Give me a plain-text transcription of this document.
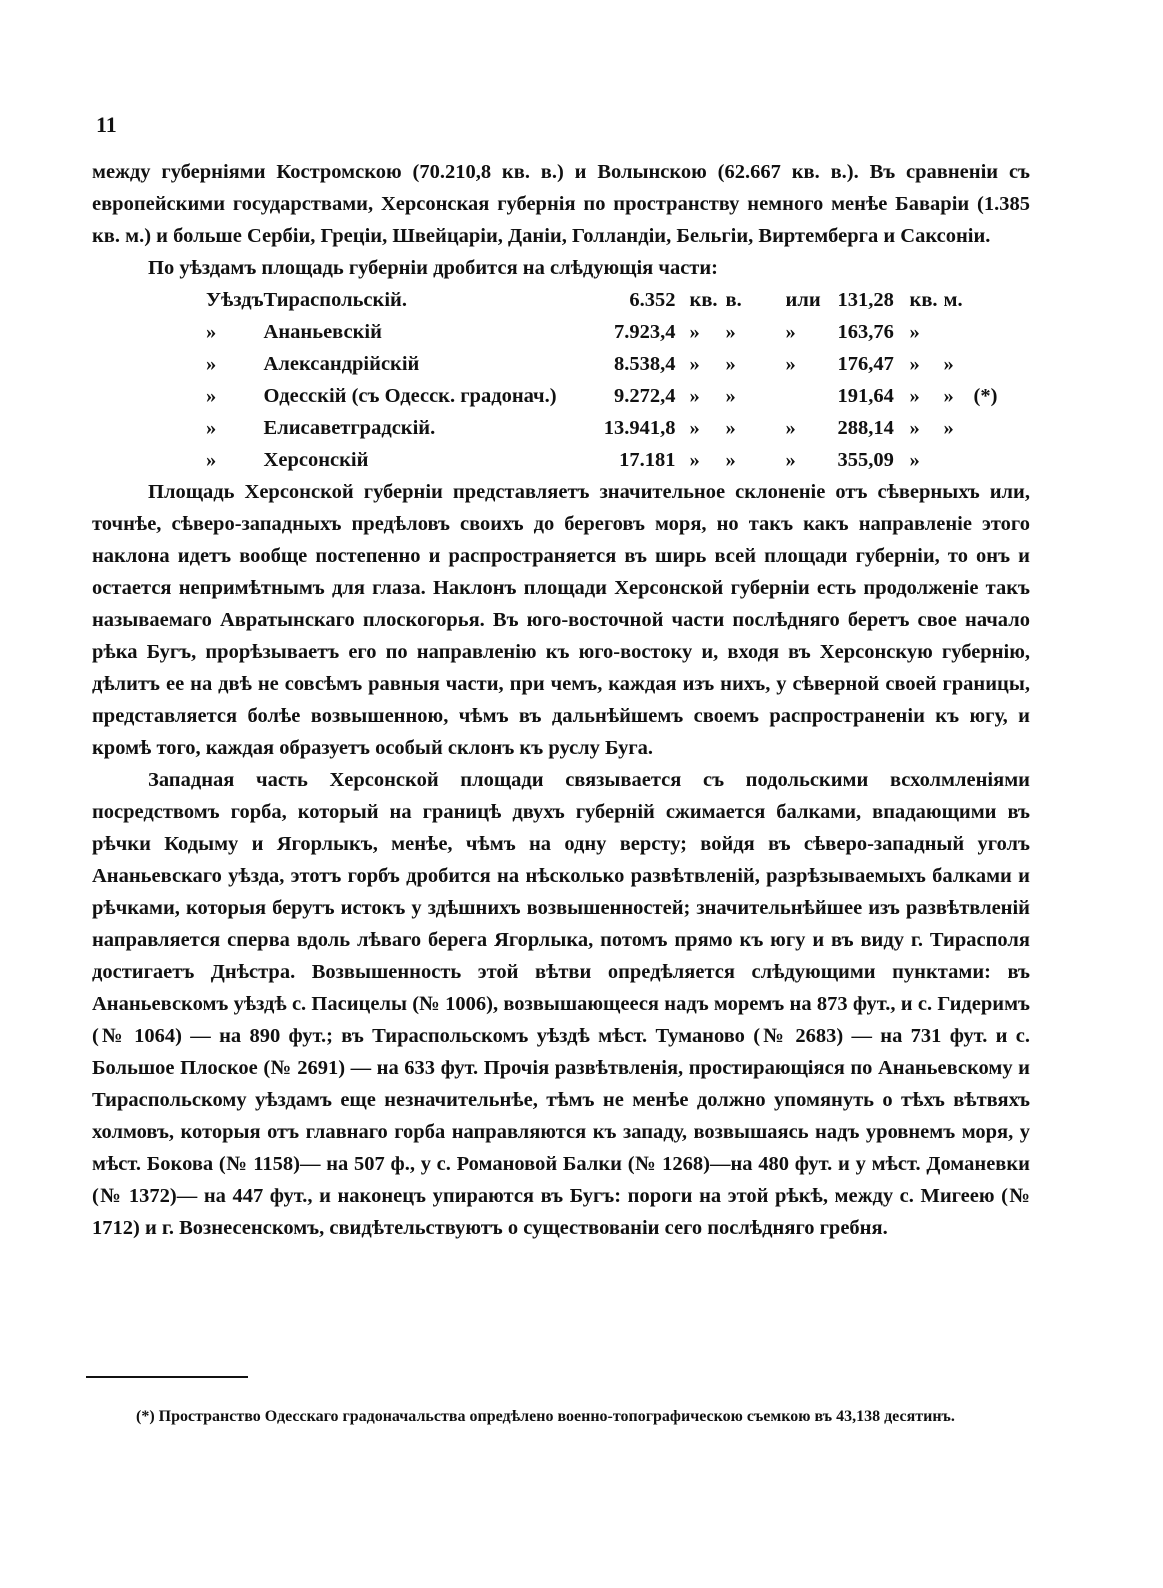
11

между губерніями Костромскою (70.210,8 кв. в.) и Волынскою (62.667 кв. в.). Въ сравненіи съ европейскими государствами, Херсонская губернія по пространству немного менѣе Баваріи (1.385 кв. м.) и больше Сербіи, Греціи, Швейцаріи, Даніи, Голландіи, Бельгіи, Виртемберга и Саксоніи.

По уѣздамъ площадь губерніи дробится на слѣдующія части:

Уѣздъ	Тираспольскій.	6.352	кв.	в.	или	131,28	кв.	м.	
»	Ананьевскій	7.923,4	»	»	»	163,76	»		
»	Александрійскій	8.538,4	»	»	»	176,47	»	»	
»	Одесскій (съ Одесск. градонач.)	9.272,4	»	»		191,64	»	»	(*)
»	Елисаветградскій.	13.941,8	»	»	»	288,14	»	»	
»	Херсонскій	17.181	»	»	»	355,09	»		

Площадь Херсонской губерніи представляетъ значительное склоненіе отъ сѣверныхъ или, точнѣе, сѣверо-западныхъ предѣловъ своихъ до береговъ моря, но такъ какъ направленіе этого наклона идетъ вообще постепенно и распространяется въ ширь всей площади губерніи, то онъ и остается непримѣтнымъ для глаза. Наклонъ площади Херсонской губерніи есть продолженіе такъ называемаго Авратынскаго плоскогорья. Въ юго-восточной части послѣдняго беретъ свое начало рѣка Бугъ, прорѣзываетъ его по направленію къ юго-востоку и, входя въ Херсонскую губернію, дѣлитъ ее на двѣ не совсѣмъ равныя части, при чемъ, каждая изъ нихъ, у сѣверной своей границы, представляется болѣе возвышенною, чѣмъ въ дальнѣйшемъ своемъ распространеніи къ югу, и кромѣ того, каждая образуетъ особый склонъ къ руслу Буга.

Западная часть Херсонской площади связывается съ подольскими всхолмленіями посредствомъ горба, который на границѣ двухъ губерній сжимается балками, впадающими въ рѣчки Кодыму и Ягорлыкъ, менѣе, чѣмъ на одну версту; войдя въ сѣверо-западный уголъ Ананьевскаго уѣзда, этотъ горбъ дробится на нѣсколько развѣтвленій, разрѣзываемыхъ балками и рѣчками, которыя берутъ истокъ у здѣшнихъ возвышенностей; значительнѣйшее изъ развѣтвленій направляется сперва вдоль лѣваго берега Ягорлыка, потомъ прямо къ югу и въ виду г. Тирасполя достигаетъ Днѣстра. Возвышенность этой вѣтви опредѣляется слѣдующими пунктами: въ Ананьевскомъ уѣздѣ с. Пасицелы (№ 1006), возвышающееся надъ моремъ на 873 фут., и с. Гидеримъ (№ 1064) — на 890 фут.; въ Тираспольскомъ уѣздѣ мѣст. Туманово (№ 2683) — на 731 фут. и с. Большое Плоское (№ 2691) — на 633 фут. Прочія развѣтвленія, простирающіяся по Ананьевскому и Тираспольскому уѣздамъ еще незначительнѣе, тѣмъ не менѣе должно упомянуть о тѣхъ вѣтвяхъ холмовъ, которыя отъ главнаго горба направляются къ западу, возвышаясь надъ уровнемъ моря, у мѣст. Бокова (№ 1158)— на 507 ф., у с. Романовой Балки (№ 1268)—на 480 фут. и у мѣст. Доманевки (№ 1372)— на 447 фут., и наконецъ упираются въ Бугъ: пороги на этой рѣкѣ, между с. Мигеею (№ 1712) и г. Вознесенскомъ, свидѣтельствуютъ о существованіи сего послѣдняго гребня.

(*) Пространство Одесскаго градоначальства опредѣлено военно-топографическою съемкою въ 43,138 десятинъ.
